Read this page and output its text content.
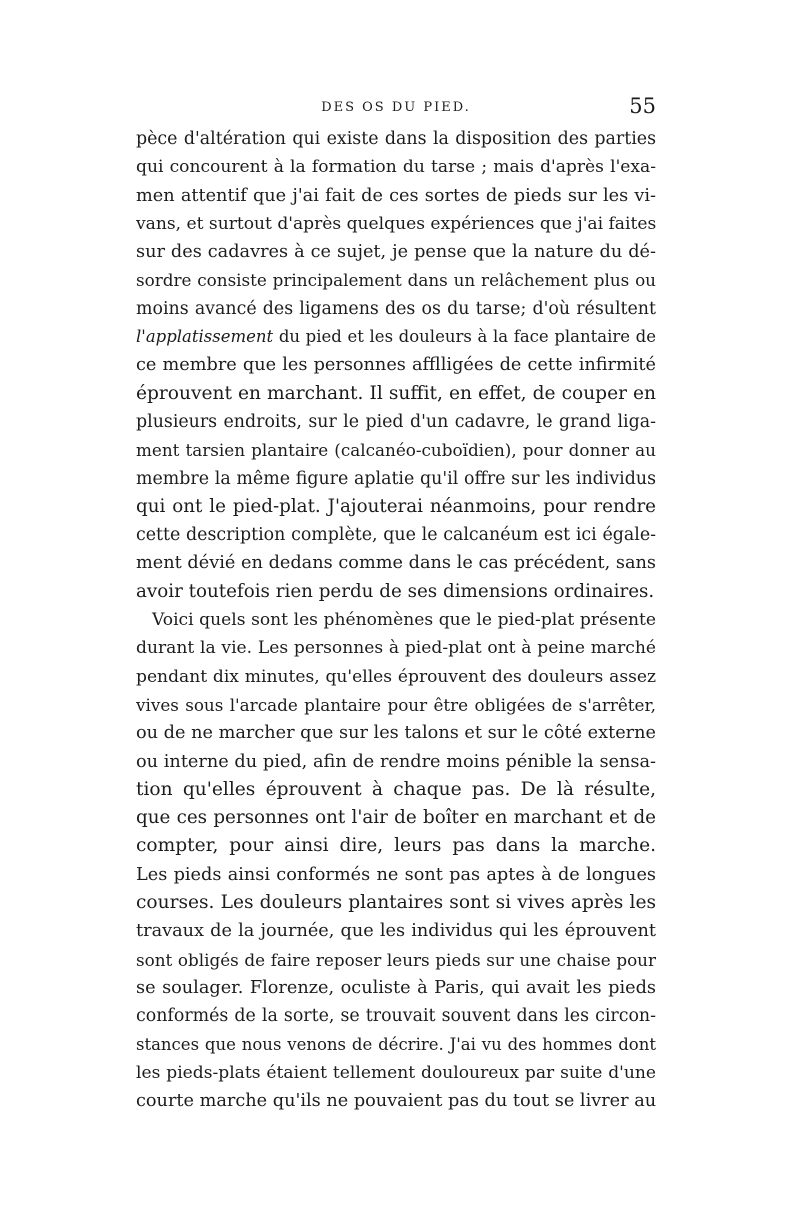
DES OS DU PIED.	55
pèce d'altération qui existe dans la disposition des parties
qui concourent à la formation du tarse ; mais d'après l'exa-
men attentif que j'ai fait de ces sortes de pieds sur les vi-
vans, et surtout d'après quelques expériences que j'ai faites
sur des cadavres à ce sujet, je pense que la nature du dé-
sordre consiste principalement dans un relâchement plus ou
moins avancé des ligamens des os du tarse; d'où résultent
l'applatissement du pied et les douleurs à la face plantaire de
ce membre que les personnes afflligées de cette infirmité
éprouvent en marchant. Il suffit, en effet, de couper en
plusieurs endroits, sur le pied d'un cadavre, le grand liga-
ment tarsien plantaire (calcanéo-cuboïdien), pour donner au
membre la même figure aplatie qu'il offre sur les individus
qui ont le pied-plat. J'ajouterai néanmoins, pour rendre
cette description complète, que le calcanéum est ici égale-
ment dévié en dedans comme dans le cas précédent, sans
avoir toutefois rien perdu de ses dimensions ordinaires.
Voici quels sont les phénomènes que le pied-plat présente
durant la vie. Les personnes à pied-plat ont à peine marché
pendant dix minutes, qu'elles éprouvent des douleurs assez
vives sous l'arcade plantaire pour être obligées de s'arrêter,
ou de ne marcher que sur les talons et sur le côté externe
ou interne du pied, afin de rendre moins pénible la sensa-
tion qu'elles éprouvent à chaque pas. De là résulte,
que ces personnes ont l'air de boîter en marchant et de
compter, pour ainsi dire, leurs pas dans la marche.
Les pieds ainsi conformés ne sont pas aptes à de longues
courses. Les douleurs plantaires sont si vives après les
travaux de la journée, que les individus qui les éprouvent
sont obligés de faire reposer leurs pieds sur une chaise pour
se soulager. Florenze, oculiste à Paris, qui avait les pieds
conformés de la sorte, se trouvait souvent dans les circon-
stances que nous venons de décrire. J'ai vu des hommes dont
les pieds-plats étaient tellement douloureux par suite d'une
courte marche qu'ils ne pouvaient pas du tout se livrer au
